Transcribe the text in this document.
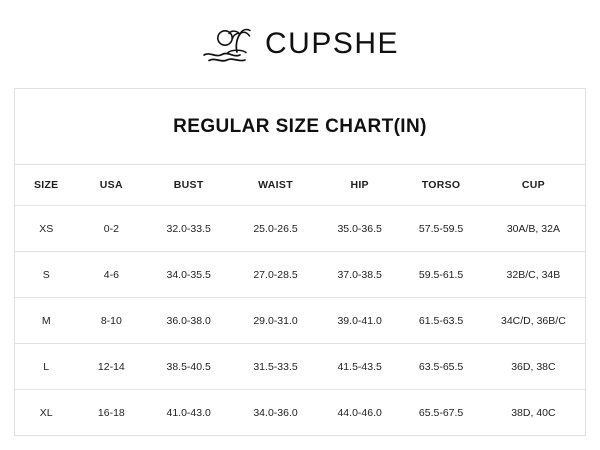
CUPSHE
REGULAR SIZE CHART(IN)
SIZE	USA	BUST	WAIST	HIP	TORSO	CUP
XS	0-2	32.0-33.5	25.0-26.5	35.0-36.5	57.5-59.5	30A/B, 32A
S	4-6	34.0-35.5	27.0-28.5	37.0-38.5	59.5-61.5	32B/C, 34B
M	8-10	36.0-38.0	29.0-31.0	39.0-41.0	61.5-63.5	34C/D, 36B/C
L	12-14	38.5-40.5	31.5-33.5	41.5-43.5	63.5-65.5	36D, 38C
XL	16-18	41.0-43.0	34.0-36.0	44.0-46.0	65.5-67.5	38D, 40C
